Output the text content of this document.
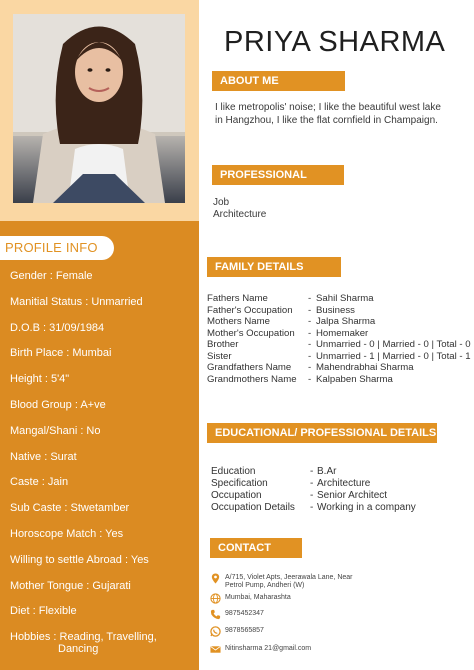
PROFILE INFO
Gender : Female
Manitial Status : Unmarried
D.O.B : 31/09/1984
Birth Place : Mumbai
Height : 5'4"
Blood Group : A+ve
Mangal/Shani : No
Native : Surat
Caste : Jain
Sub Caste : Stwetamber
Horoscope Match : Yes
Willing to settle Abroad : Yes
Mother Tongue : Gujarati
Diet : Flexible
Hobbies : Reading, Travelling,
Dancing
PRIYA SHARMA
ABOUT ME
I like metropolis' noise; I like the beautiful west lake
in Hangzhou, I like the flat cornfield in Champaign.
PROFESSIONAL
Job
Architecture
FAMILY DETAILS
Fathers Name	- Sahil Sharma
Father's Occupation - Business
Mothers Name	- Jalpa Sharma
Mother's Occupation - Homemaker
Brother	- Unmarried - 0 | Married - 0 | Total - 0
Sister	- Unmarried - 1 | Married - 0 | Total - 1
Grandfathers Name - Mahendrabhai Sharma
Grandmothers Name - Kalpaben Sharma
EDUCATIONAL/ PROFESSIONAL DETAILS
Education	- B.Ar
Specification	- Architecture
Occupation	- Senior Architect
Occupation Details - Working in a company
CONTACT
A/715, Violet Apts, Jeerawala Lane, Near
Petrol Pump, Andheri (W)
Mumbai, Maharashta
9875452347
9878565857
Nitinsharma 21@gmail.com
